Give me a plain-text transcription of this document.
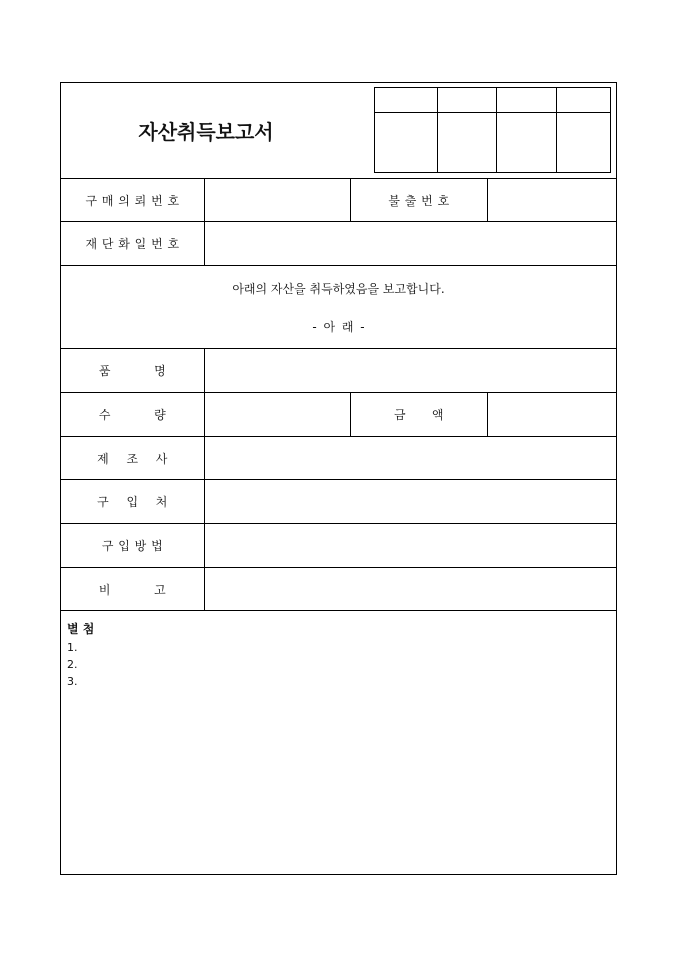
자산취득보고서
구 매 의 뢰 번 호	불 출 번 호
재 단 화 일 번 호
아래의 자산을 취득하였음을 보고합니다.
- 아 래 -
품          명
수          량	금      액
제    조    사
구    입    처
구 입 방 법
비          고
별 첨
1.
2.
3.
